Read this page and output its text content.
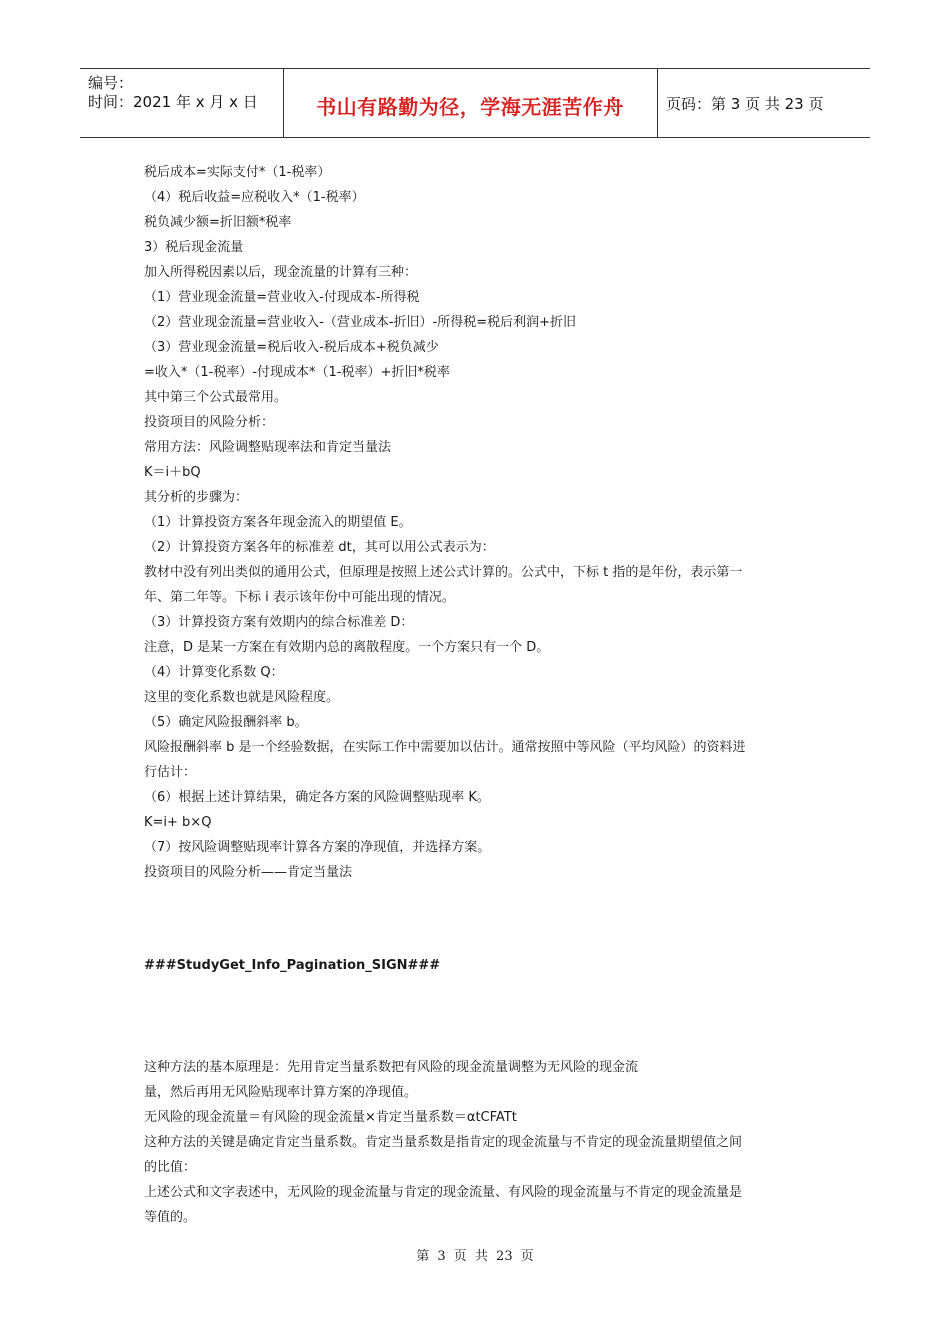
编号：
时间：2021 年 x 月 x 日	书山有路勤为径，学海无涯苦作舟	页码：第 3 页 共 23 页
税后成本=实际支付*（1-税率）
（4）税后收益=应税收入*（1-税率）
税负减少额=折旧额*税率
3）税后现金流量
加入所得税因素以后，现金流量的计算有三种：
（1）营业现金流量=营业收入-付现成本-所得税
（2）营业现金流量=营业收入-（营业成本-折旧）-所得税=税后利润+折旧
（3）营业现金流量=税后收入-税后成本+税负减少
=收入*（1-税率）-付现成本*（1-税率）+折旧*税率
其中第三个公式最常用。
投资项目的风险分析：
常用方法：风险调整贴现率法和肯定当量法
K＝i＋bQ
其分析的步骤为：
（1）计算投资方案各年现金流入的期望值 E。
（2）计算投资方案各年的标准差 dt，其可以用公式表示为：
教材中没有列出类似的通用公式，但原理是按照上述公式计算的。公式中，下标 t 指的是年份，表示第一
年、第二年等。下标 i 表示该年份中可能出现的情况。
（3）计算投资方案有效期内的综合标准差 D：
注意，D 是某一方案在有效期内总的离散程度。一个方案只有一个 D。
（4）计算变化系数 Q：
这里的变化系数也就是风险程度。
（5）确定风险报酬斜率 b。
风险报酬斜率 b 是一个经验数据，在实际工作中需要加以估计。通常按照中等风险（平均风险）的资料进
行估计：
（6）根据上述计算结果，确定各方案的风险调整贴现率 K。
K=i+ b×Q
（7）按风险调整贴现率计算各方案的净现值，并选择方案。
投资项目的风险分析——肯定当量法
###StudyGet_Info_Pagination_SIGN###
这种方法的基本原理是：先用肯定当量系数把有风险的现金流量调整为无风险的现金流
量，然后再用无风险贴现率计算方案的净现值。
无风险的现金流量＝有风险的现金流量×肯定当量系数＝αtCFATt
这种方法的关键是确定肯定当量系数。肯定当量系数是指肯定的现金流量与不肯定的现金流量期望值之间
的比值：
上述公式和文字表述中，无风险的现金流量与肯定的现金流量、有风险的现金流量与不肯定的现金流量是
等值的。
第 3 页 共 23 页
